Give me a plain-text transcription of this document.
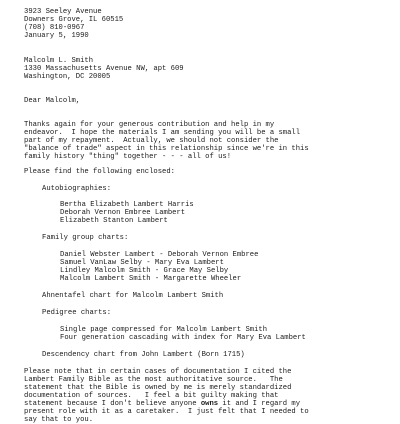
3923 Seeley Avenue

Downers Grove, IL 60515

(708) 810-0967

January 5, 1990

Malcolm L. Smith

1330 Massachusetts Avenue NW, apt 609

Washington, DC 20005

Dear Malcolm,

Thanks again for your generous contribution and help in my

endeavor.  I hope the materials I am sending you will be a small

part of my repayment.  Actually, we should not consider the

"balance of trade" aspect in this relationship since we're in this

family history "thing" together - - - all of us!

Please find the following enclosed:

Autobiographies:

Bertha Elizabeth Lambert Harris

Deborah Vernon Embree Lambert

Elizabeth Stanton Lambert

Family group charts:

Daniel Webster Lambert - Deborah Vernon Embree

Samuel VanLaw Selby - Mary Eva Lambert

Lindley Malcolm Smith - Grace May Selby

Malcolm Lambert Smith - Margarette Wheeler

Ahnentafel chart for Malcolm Lambert Smith

Pedigree charts:

Single page compressed for Malcolm Lambert Smith

Four generation cascading with index for Mary Eva Lambert

Descendency chart from John Lambert (Born 1715)

Please note that in certain cases of documentation I cited the

Lambert Family Bible as the most authoritative source.   The

statement that the Bible is owned by me is merely standardized

documentation of sources.   I feel a bit guilty making that

statement because I don't believe anyone owns it and I regard my

present role with it as a caretaker.  I just felt that I needed to

say that to you.
